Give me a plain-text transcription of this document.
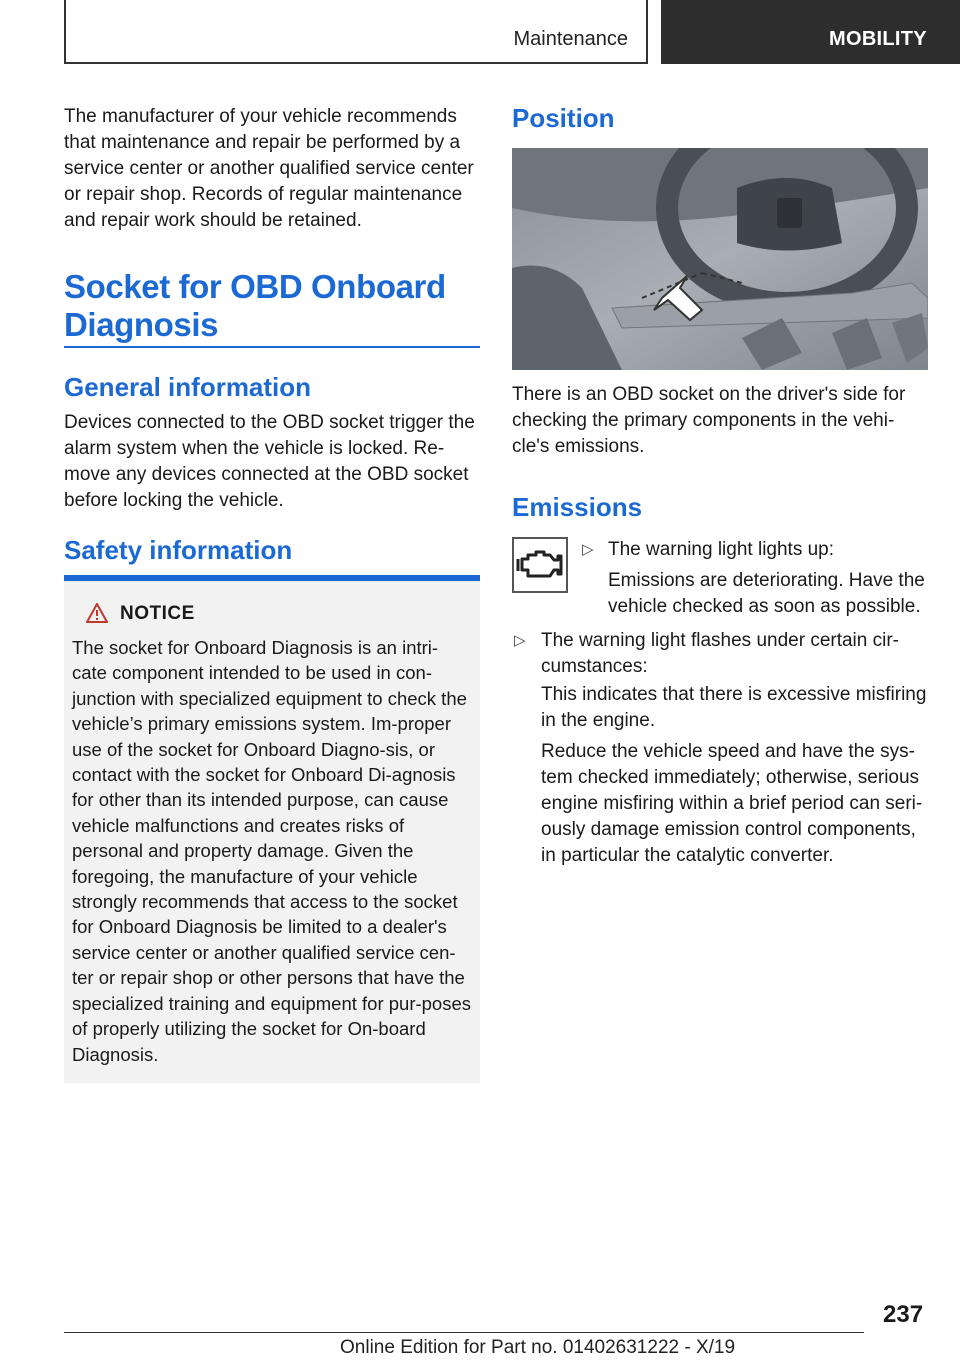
Maintenance	MOBILITY

The manufacturer of your vehicle recommends that maintenance and repair be performed by a service center or another qualified service center or repair shop. Records of regular maintenance and repair work should be retained.

Socket for OBD Onboard Diagnosis
General information

Devices connected to the OBD socket trigger the alarm system when the vehicle is locked. Re-move any devices connected at the OBD socket before locking the vehicle.

Safety information
NOTICE

The socket for Onboard Diagnosis is an intri-cate component intended to be used in con-junction with specialized equipment to check the vehicle’s primary emissions system. Im-proper use of the socket for Onboard Diagno-sis, or contact with the socket for Onboard Di-agnosis for other than its intended purpose, can cause vehicle malfunctions and creates risks of personal and property damage. Given the foregoing, the manufacture of your vehicle strongly recommends that access to the socket for Onboard Diagnosis be limited to a dealer's service center or another qualified service cen-ter or repair shop or other persons that have the specialized training and equipment for pur-poses of properly utilizing the socket for On-board Diagnosis.

Position

There is an OBD socket on the driver's side for checking the primary components in the vehi-cle's emissions.

Emissions
▷ The warning light lights up:

Emissions are deteriorating. Have the vehicle checked as soon as possible.

▷ The warning light flashes under certain cir-cumstances:

This indicates that there is excessive misfiring in the engine.

Reduce the vehicle speed and have the sys-tem checked immediately; otherwise, serious engine misfiring within a brief period can seri-ously damage emission control components, in particular the catalytic converter.

237
Online Edition for Part no. 01402631222 - X/19
